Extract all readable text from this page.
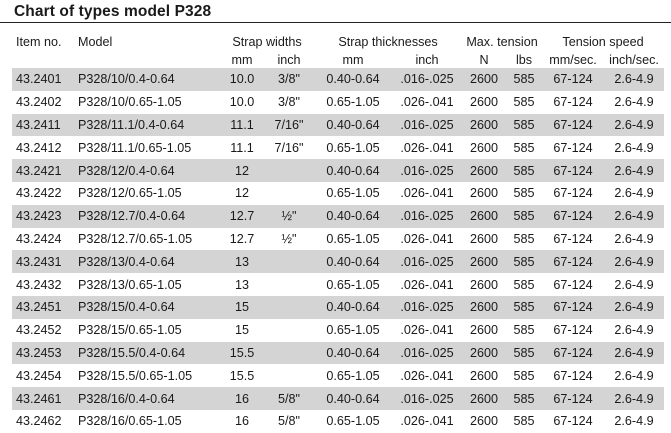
Chart of types model P328
Item no.	Model	Strap widths		Strap thicknesses		Max. tension		Tension speed	
		mm	inch	mm	inch	N	lbs	mm/sec.	inch/sec.
43.2401	P328/10/0.4-0.64	10.0	3/8"	0.40-0.64	.016-.025	2600	585	67-124	2.6-4.9
43.2402	P328/10/0.65-1.05	10.0	3/8"	0.65-1.05	.026-.041	2600	585	67-124	2.6-4.9
43.2411	P328/11.1/0.4-0.64	11.1	7/16"	0.40-0.64	.016-.025	2600	585	67-124	2.6-4.9
43.2412	P328/11.1/0.65-1.05	11.1	7/16"	0.65-1.05	.026-.041	2600	585	67-124	2.6-4.9
43.2421	P328/12/0.4-0.64	12		0.40-0.64	.016-.025	2600	585	67-124	2.6-4.9
43.2422	P328/12/0.65-1.05	12		0.65-1.05	.026-.041	2600	585	67-124	2.6-4.9
43.2423	P328/12.7/0.4-0.64	12.7	½"	0.40-0.64	.016-.025	2600	585	67-124	2.6-4.9
43.2424	P328/12.7/0.65-1.05	12.7	½"	0.65-1.05	.026-.041	2600	585	67-124	2.6-4.9
43.2431	P328/13/0.4-0.64	13		0.40-0.64	.016-.025	2600	585	67-124	2.6-4.9
43.2432	P328/13/0.65-1.05	13		0.65-1.05	.026-.041	2600	585	67-124	2.6-4.9
43.2451	P328/15/0.4-0.64	15		0.40-0.64	.016-.025	2600	585	67-124	2.6-4.9
43.2452	P328/15/0.65-1.05	15		0.65-1.05	.026-.041	2600	585	67-124	2.6-4.9
43.2453	P328/15.5/0.4-0.64	15.5		0.40-0.64	.016-.025	2600	585	67-124	2.6-4.9
43.2454	P328/15.5/0.65-1.05	15.5		0.65-1.05	.026-.041	2600	585	67-124	2.6-4.9
43.2461	P328/16/0.4-0.64	16	5/8"	0.40-0.64	.016-.025	2600	585	67-124	2.6-4.9
43.2462	P328/16/0.65-1.05	16	5/8"	0.65-1.05	.026-.041	2600	585	67-124	2.6-4.9
